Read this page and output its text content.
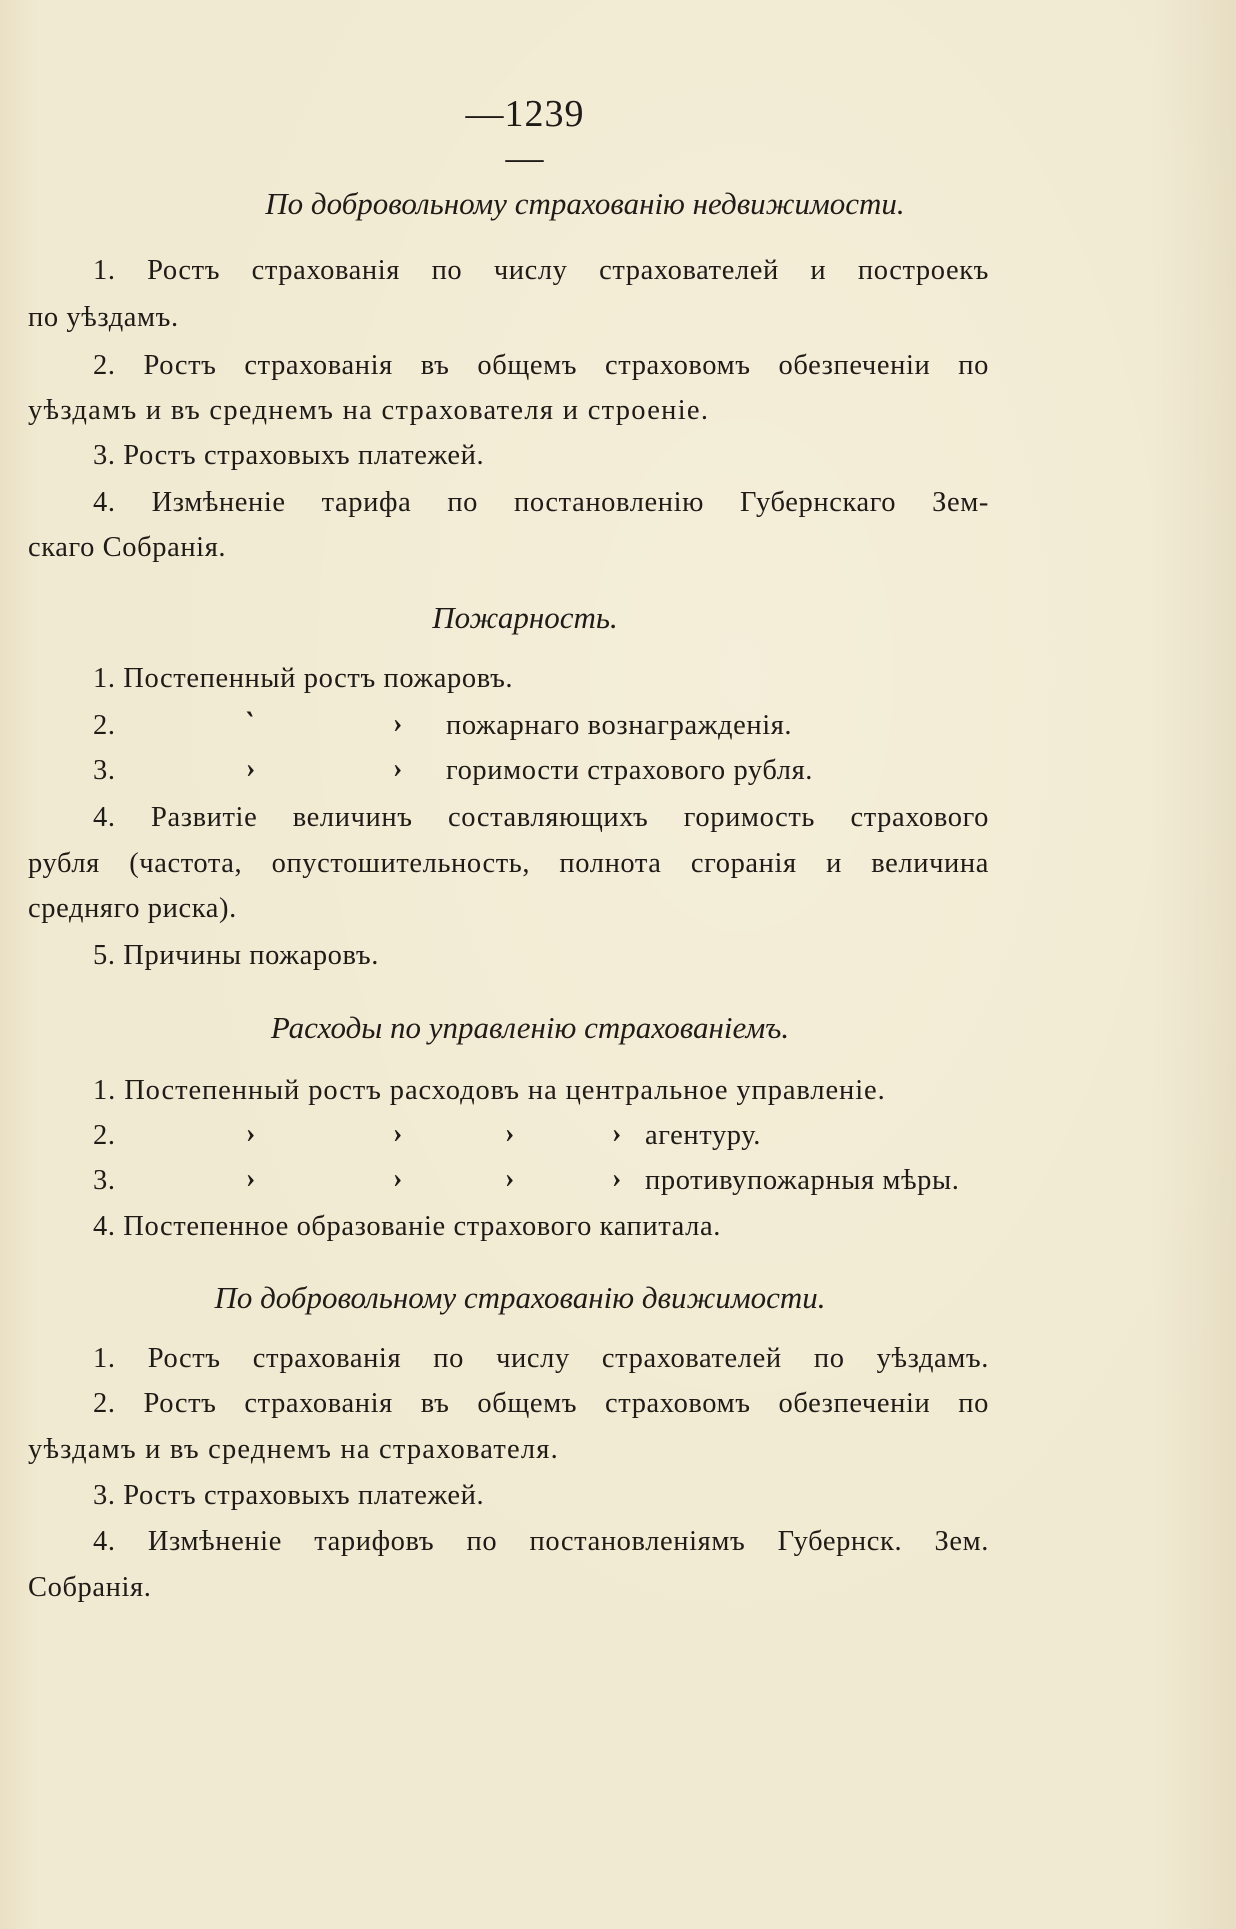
—1239—
По добровольному страхованію недвижимости.
1. Ростъ страхованія по числу страхователей и построекъ
по уѣздамъ.
2. Ростъ страхованія въ общемъ страховомъ обезпеченіи по
уѣздамъ и въ среднемъ на страхователя и строеніе.
3. Ростъ страховыхъ платежей.
4. Измѣненіе тарифа по постановленію Губернскаго Зем-
скаго Собранія.
Пожарность.
1. Постепенный ростъ пожаровъ.
2.	‵	› пожарнаго вознагражденія.
3.	›	› горимости страхового рубля.
4. Развитіе величинъ составляющихъ горимость страхового
рубля (частота, опустошительность, полнота сгоранія и величина
средняго риска).
5. Причины пожаровъ.
Расходы по управленію страхованіемъ.
1. Постепенный ростъ расходовъ на центральное управленіе.
2.	›	›	›	› агентуру.
3.	›	›	›	› противупожарныя мѣры.
4. Постепенное образованіе страхового капитала.
По добровольному страхованію движимости.
1. Ростъ страхованія по числу страхователей по уѣздамъ.
2. Ростъ страхованія въ общемъ страховомъ обезпеченіи по
уѣздамъ и въ среднемъ на страхователя.
3. Ростъ страховыхъ платежей.
4. Измѣненіе тарифовъ по постановленіямъ Губернск. Зем.
Собранія.
